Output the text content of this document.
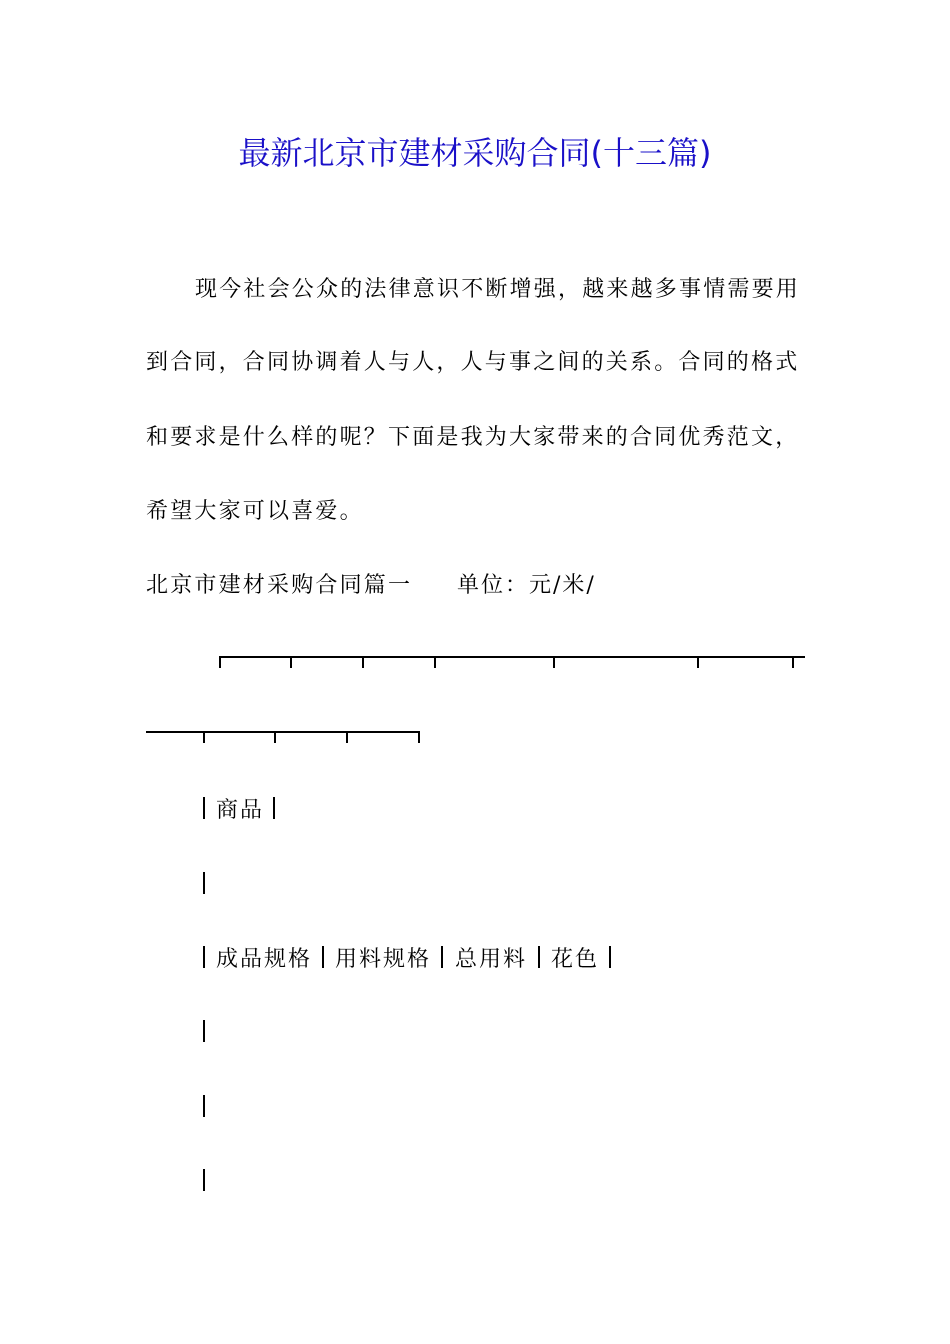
最新北京市建材采购合同(十三篇)
现今社会公众的法律意识不断增强，越来越多事情需要用
到合同，合同协调着人与人，人与事之间的关系。合同的格式
和要求是什么样的呢？下面是我为大家带来的合同优秀范文，
希望大家可以喜爱。
北京市建材采购合同篇一 单位：元/米/
商品
成品规格 用料规格 总用料 花色
